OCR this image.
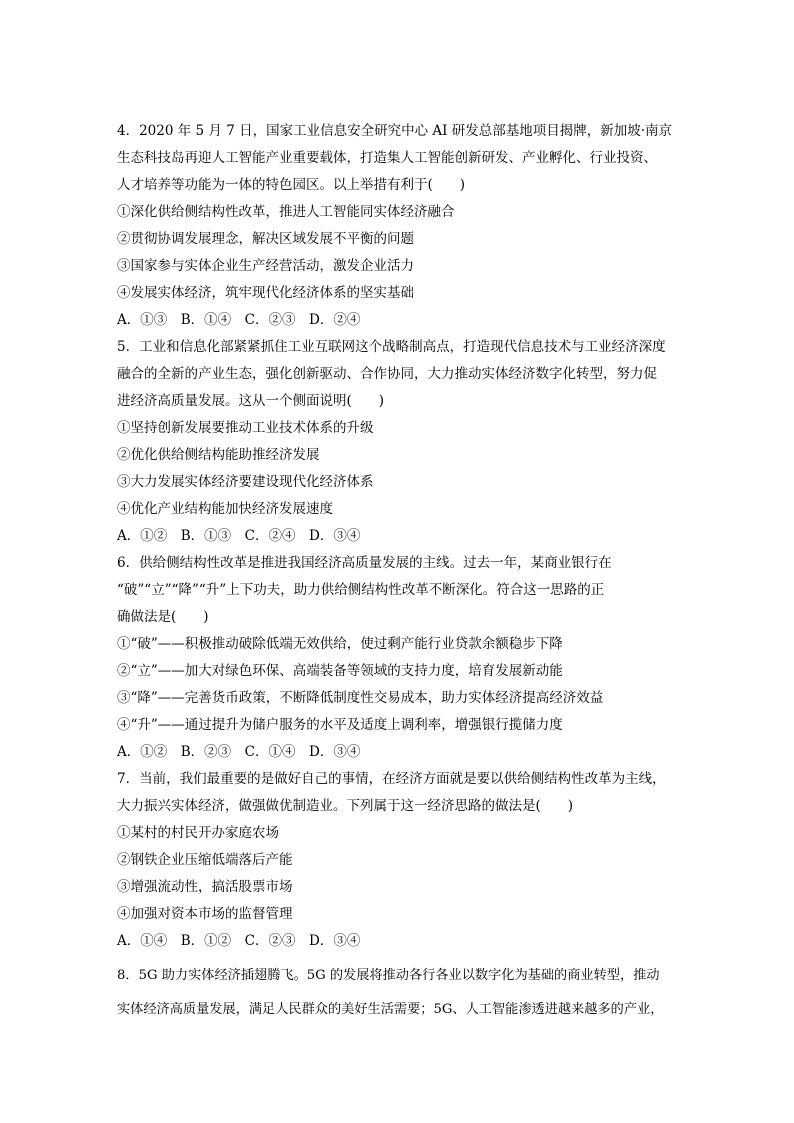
4．2020 年 5 月 7 日，国家工业信息安全研究中心 AI 研发总部基地项目揭牌，新加坡·南京
生态科技岛再迎人工智能产业重要载体，打造集人工智能创新研发、产业孵化、行业投资、
人才培养等功能为一体的特色园区。以上举措有利于(　　)
①深化供给侧结构性改革，推进人工智能同实体经济融合
②贯彻协调发展理念，解决区域发展不平衡的问题
③国家参与实体企业生产经营活动，激发企业活力
④发展实体经济，筑牢现代化经济体系的坚实基础
A．①③　B．①④　C．②③　D．②④
5．工业和信息化部紧紧抓住工业互联网这个战略制高点，打造现代信息技术与工业经济深度
融合的全新的产业生态，强化创新驱动、合作协同，大力推动实体经济数字化转型，努力促
进经济高质量发展。这从一个侧面说明(　　)
①坚持创新发展要推动工业技术体系的升级
②优化供给侧结构能助推经济发展
③大力发展实体经济要建设现代化经济体系
④优化产业结构能加快经济发展速度
A．①②　B．①③　C．②④　D．③④
6．供给侧结构性改革是推进我国经济高质量发展的主线。过去一年，某商业银行在
“破”“立”“降”“升”上下功夫，助力供给侧结构性改革不断深化。符合这一思路的正
确做法是(　　)
①“破”——积极推动破除低端无效供给，使过剩产能行业贷款余额稳步下降
②“立”——加大对绿色环保、高端装备等领域的支持力度，培育发展新动能
③“降”——完善货币政策，不断降低制度性交易成本，助力实体经济提高经济效益
④“升”——通过提升为储户服务的水平及适度上调利率，增强银行揽储力度
A．①②　B．②③　C．①④　D．③④
7．当前，我们最重要的是做好自己的事情，在经济方面就是要以供给侧结构性改革为主线，
大力振兴实体经济，做强做优制造业。下列属于这一经济思路的做法是(　　)
①某村的村民开办家庭农场
②钢铁企业压缩低端落后产能
③增强流动性，搞活股票市场
④加强对资本市场的监督管理
A．①④　B．①②　C．②③　D．③④
8．5G 助力实体经济插翅腾飞。5G 的发展将推动各行各业以数字化为基础的商业转型，推动
实体经济高质量发展，满足人民群众的美好生活需要；5G、人工智能渗透进越来越多的产业，
